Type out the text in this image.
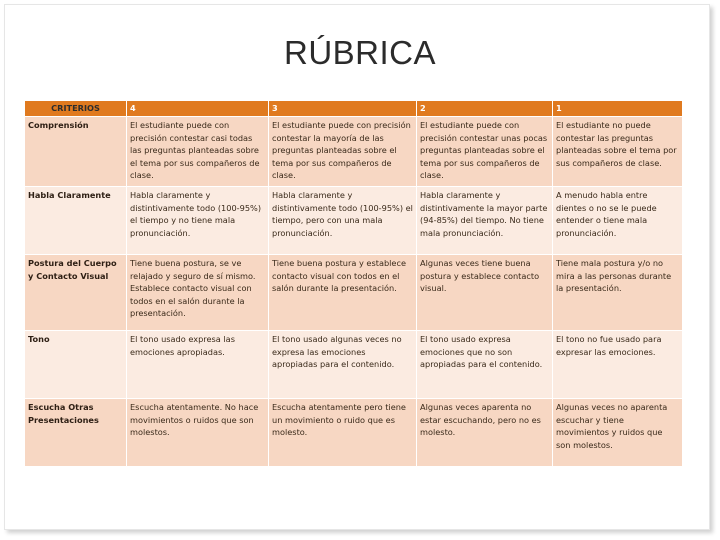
RÚBRICA
CRITERIOS	4	3	2	1
Comprensión	El estudiante puede con precisión contestar casi todas las preguntas planteadas sobre el tema por sus compañeros de clase.	El estudiante puede con precisión contestar la mayoría de las preguntas planteadas sobre el tema por sus compañeros de clase.	El estudiante puede con precisión contestar unas pocas preguntas planteadas sobre el tema por sus compañeros de clase.	El estudiante no puede contestar las preguntas planteadas sobre el tema por sus compañeros de clase.
Habla Claramente	Habla claramente y distintivamente todo (100-95%) el tiempo y no tiene mala pronunciación.	Habla claramente y distintivamente todo (100-95%) el tiempo, pero con una mala pronunciación.	Habla claramente y distintivamente la mayor parte (94-85%) del tiempo. No tiene mala pronunciación.	A menudo habla entre dientes o no se le puede entender o tiene mala pronunciación.
Postura del Cuerpo y Contacto Visual	Tiene buena postura, se ve relajado y seguro de sí mismo. Establece contacto visual con todos en el salón durante la presentación.	Tiene buena postura y establece contacto visual con todos en el salón durante la presentación.	Algunas veces tiene buena postura y establece contacto visual.	Tiene mala postura y/o no mira a las personas durante la presentación.
Tono	El tono usado expresa las emociones apropiadas.	El tono usado algunas veces no expresa las emociones apropiadas para el contenido.	El tono usado expresa emociones que no son apropiadas para el contenido.	El tono no fue usado para expresar las emociones.
Escucha Otras Presentaciones	Escucha atentamente. No hace movimientos o ruidos que son molestos.	Escucha atentamente pero tiene un movimiento o ruido que es molesto.	Algunas veces aparenta no estar escuchando, pero no es molesto.	Algunas veces no aparenta escuchar y tiene movimientos y ruidos que son molestos.
